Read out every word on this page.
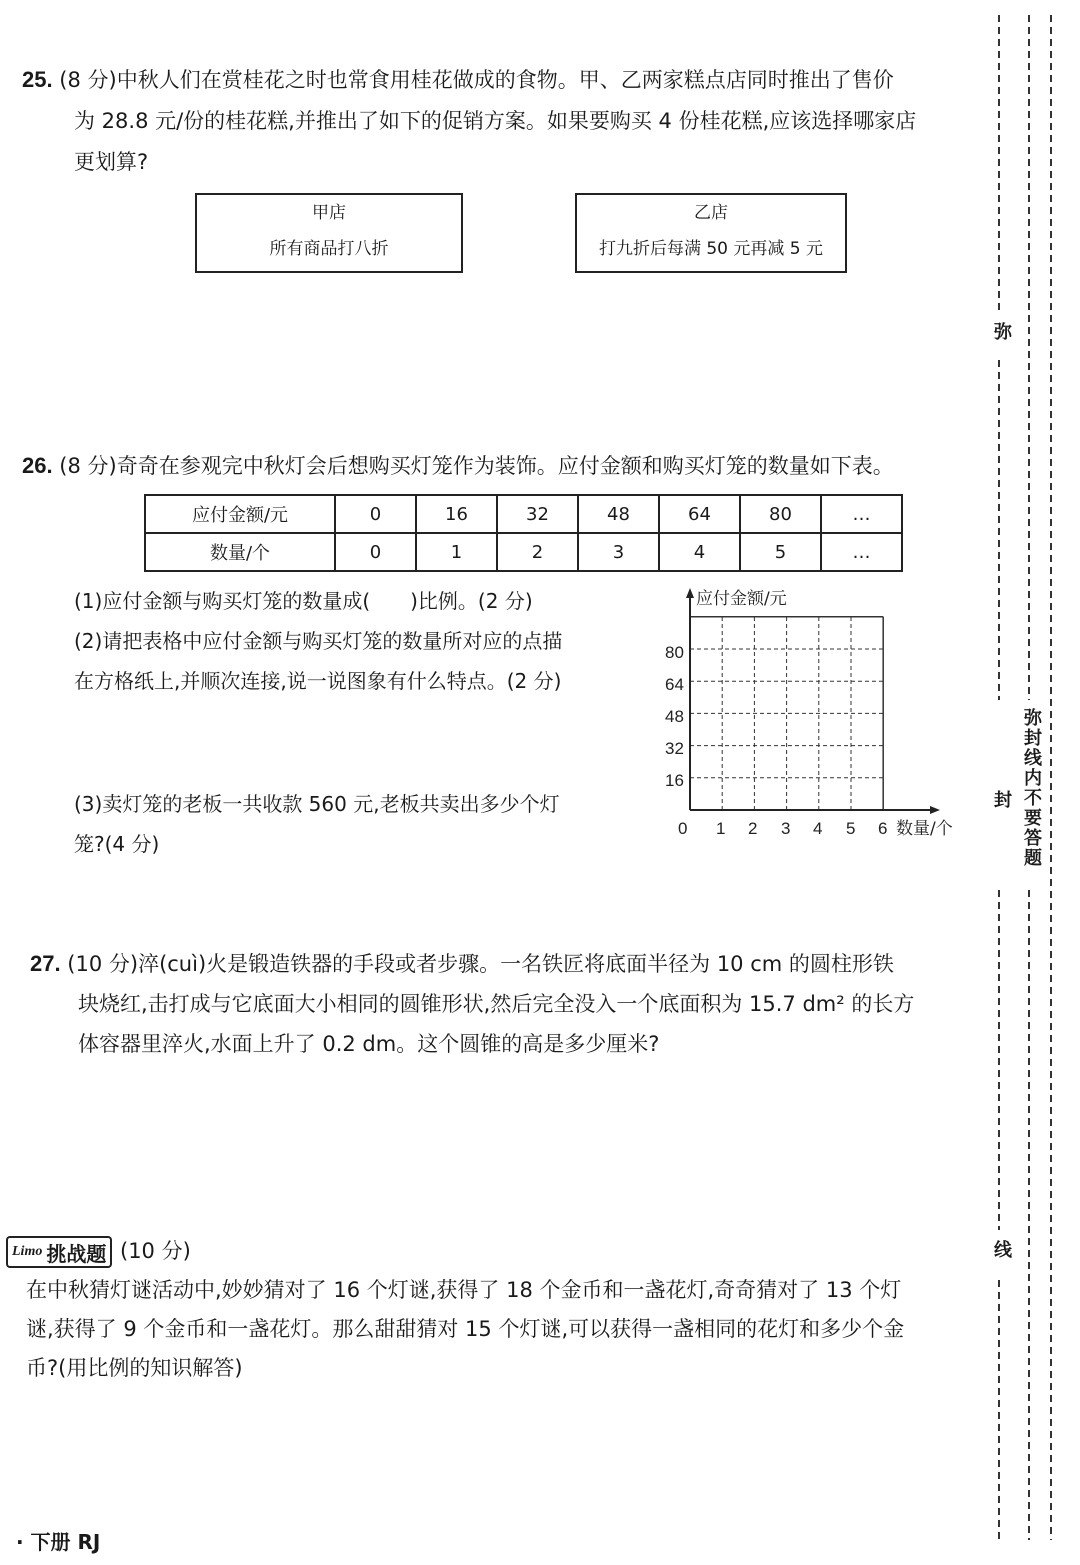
25. (8 分)中秋人们在赏桂花之时也常食用桂花做成的食物。甲、乙两家糕点店同时推出了售价
为 28.8 元/份的桂花糕,并推出了如下的促销方案。如果要购买 4 份桂花糕,应该选择哪家店
更划算?
甲店
所有商品打八折
乙店
打九折后每满 50 元再减 5 元
26. (8 分)奇奇在参观完中秋灯会后想购买灯笼作为装饰。应付金额和购买灯笼的数量如下表。
应付金额/元	0	16	32	48	64	80	…
数量/个	0	1	2	3	4	5	…
(1)应付金额与购买灯笼的数量成(　　)比例。(2 分)
(2)请把表格中应付金额与购买灯笼的数量所对应的点描
在方格纸上,并顺次连接,说一说图象有什么特点。(2 分)
(3)卖灯笼的老板一共收款 560 元,老板共卖出多少个灯
笼?(4 分)
应付金额/元
数量/个
16
32
48
64
80
0 1 2 3 4 5 6
27. (10 分)淬(cuì)火是锻造铁器的手段或者步骤。一名铁匠将底面半径为 10 cm 的圆柱形铁
块烧红,击打成与它底面大小相同的圆锥形状,然后完全没入一个底面积为 15.7 dm² 的长方
体容器里淬火,水面上升了 0.2 dm。这个圆锥的高是多少厘米?
Limo 挑战题 (10 分)
在中秋猜灯谜活动中,妙妙猜对了 16 个灯谜,获得了 18 个金币和一盏花灯,奇奇猜对了 13 个灯
谜,获得了 9 个金币和一盏花灯。那么甜甜猜对 15 个灯谜,可以获得一盏相同的花灯和多少个金
币?(用比例的知识解答)
弥
弥封线内不要答题
封
线
· 下册 RJ
